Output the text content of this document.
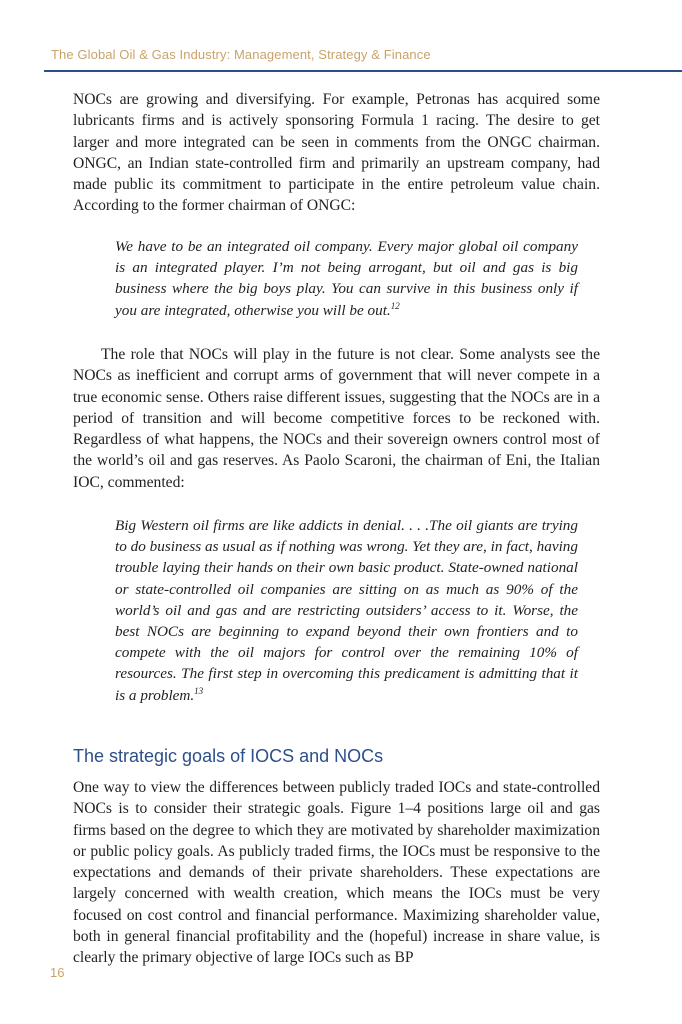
The Global Oil & Gas Industry: Management, Strategy & Finance

NOCs are growing and diversifying. For example, Petronas has acquired some lubricants firms and is actively sponsoring Formula 1 racing. The desire to get larger and more integrated can be seen in comments from the ONGC chairman. ONGC, an Indian state-controlled firm and primarily an upstream company, had made public its commitment to participate in the entire petroleum value chain. According to the former chairman of ONGC:

We have to be an integrated oil company. Every major global oil company is an integrated player. I’m not being arrogant, but oil and gas is big business where the big boys play. You can survive in this business only if you are integrated, otherwise you will be out.$^{12}$

The role that NOCs will play in the future is not clear. Some analysts see the NOCs as inefficient and corrupt arms of government that will never compete in a true economic sense. Others raise different issues, suggesting that the NOCs are in a period of transition and will become competitive forces to be reckoned with. Regardless of what happens, the NOCs and their sovereign owners control most of the world’s oil and gas reserves. As Paolo Scaroni, the chairman of Eni, the Italian IOC, commented:

Big Western oil firms are like addicts in denial. . . .The oil giants are trying to do business as usual as if nothing was wrong. Yet they are, in fact, having trouble laying their hands on their own basic product. State-owned national or state-controlled oil companies are sitting on as much as 90% of the world’s oil and gas and are restricting outsiders’ access to it. Worse, the best NOCs are beginning to expand beyond their own frontiers and to compete with the oil majors for control over the remaining 10% of resources. The first step in overcoming this predicament is admitting that it is a problem.$^{13}$

The strategic goals of IOCS and NOCs

One way to view the differences between publicly traded IOCs and state-controlled NOCs is to consider their strategic goals. Figure 1–4 positions large oil and gas firms based on the degree to which they are motivated by shareholder maximization or public policy goals. As publicly traded firms, the IOCs must be responsive to the expectations and demands of their private shareholders. These expectations are largely concerned with wealth creation, which means the IOCs must be very focused on cost control and financial performance. Maximizing shareholder value, both in general financial profitability and the (hopeful) increase in share value, is clearly the primary objective of large IOCs such as BP

16
